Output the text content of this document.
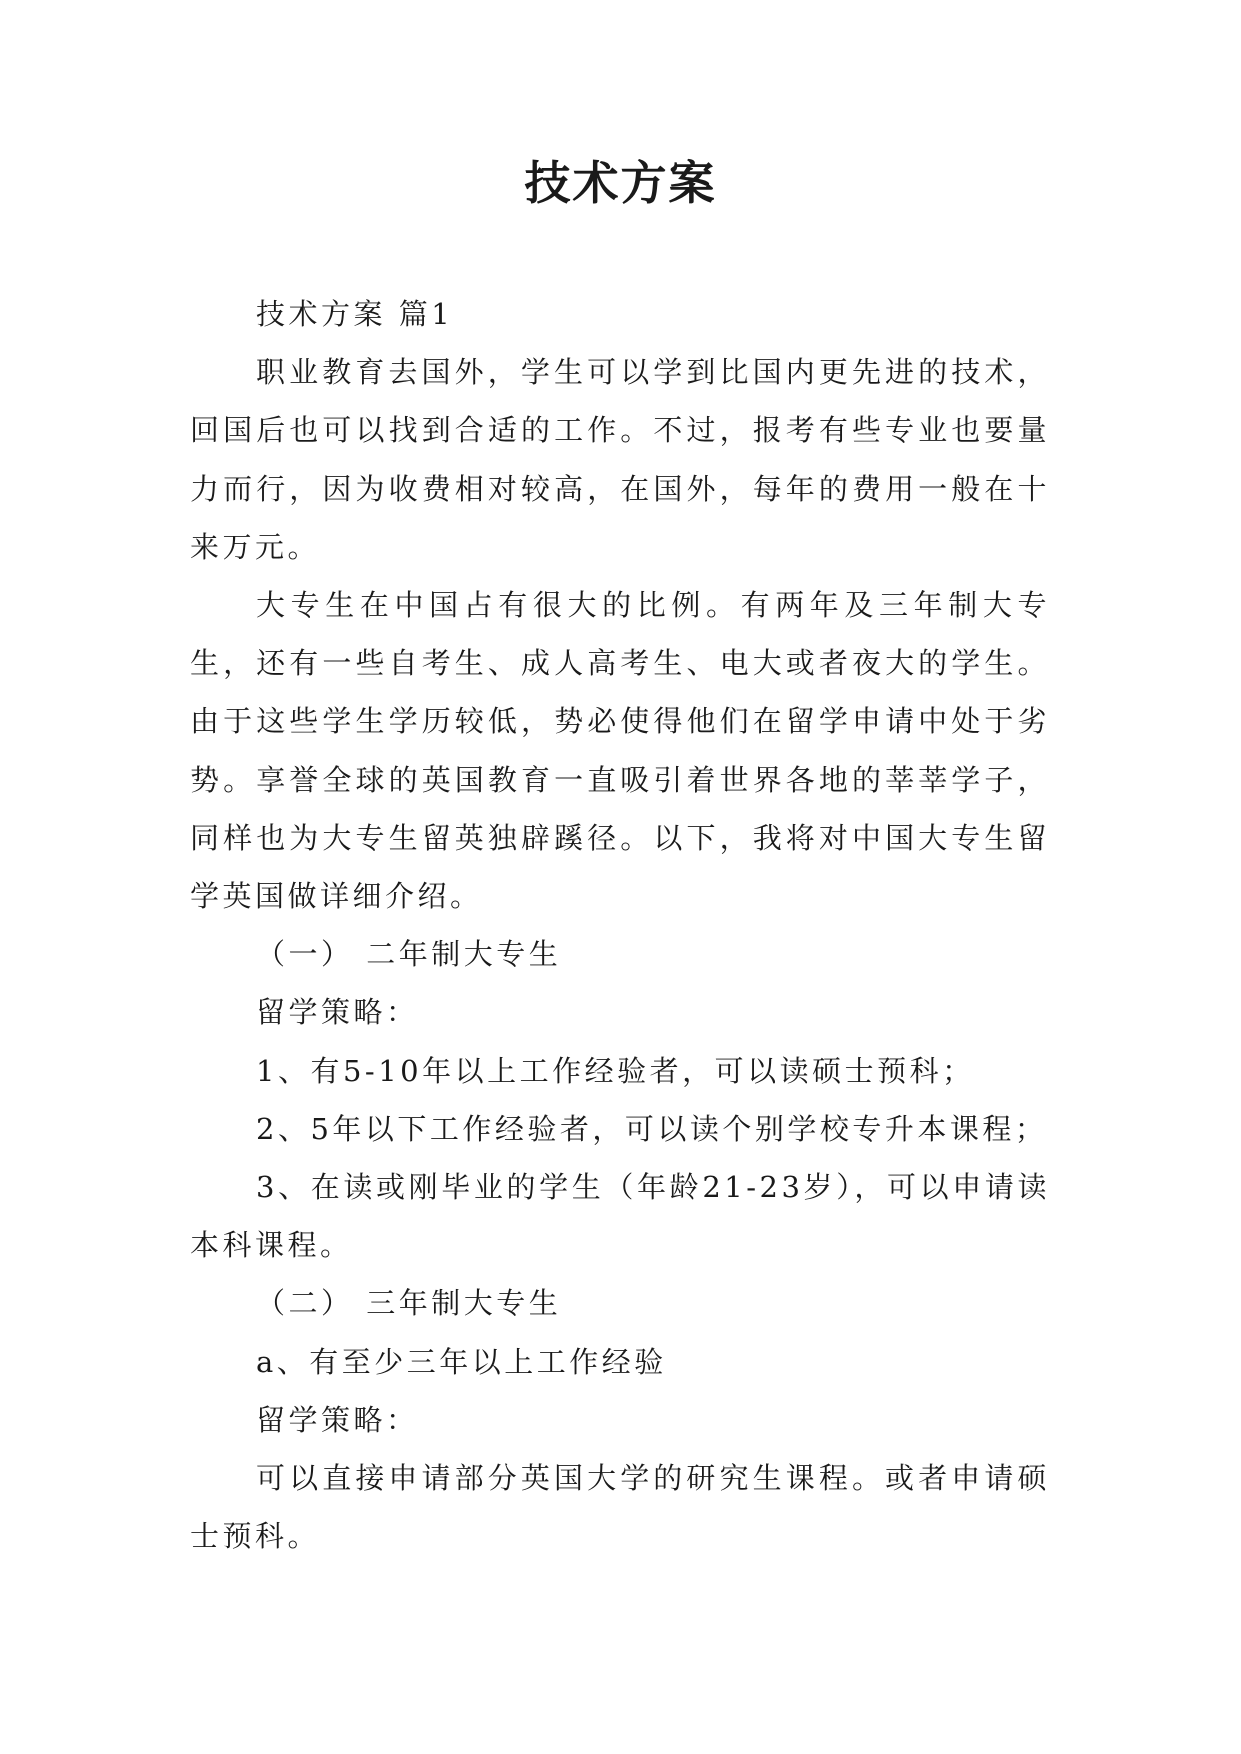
技术方案

技术方案 篇1

职业教育去国外，学生可以学到比国内更先进的技术，回国后也可以找到合适的工作。不过，报考有些专业也要量力而行，因为收费相对较高，在国外，每年的费用一般在十来万元。

大专生在中国占有很大的比例。有两年及三年制大专生，还有一些自考生、成人高考生、电大或者夜大的学生。由于这些学生学历较低，势必使得他们在留学申请中处于劣势。享誉全球的英国教育一直吸引着世界各地的莘莘学子，同样也为大专生留英独辟蹊径。以下，我将对中国大专生留学英国做详细介绍。

（一） 二年制大专生

留学策略：

1、有5-10年以上工作经验者，可以读硕士预科；

2、5年以下工作经验者，可以读个别学校专升本课程；

3、在读或刚毕业的学生（年龄21-23岁），可以申请读本科课程。

（二） 三年制大专生

a、有至少三年以上工作经验

留学策略：

可以直接申请部分英国大学的研究生课程。或者申请硕士预科。
